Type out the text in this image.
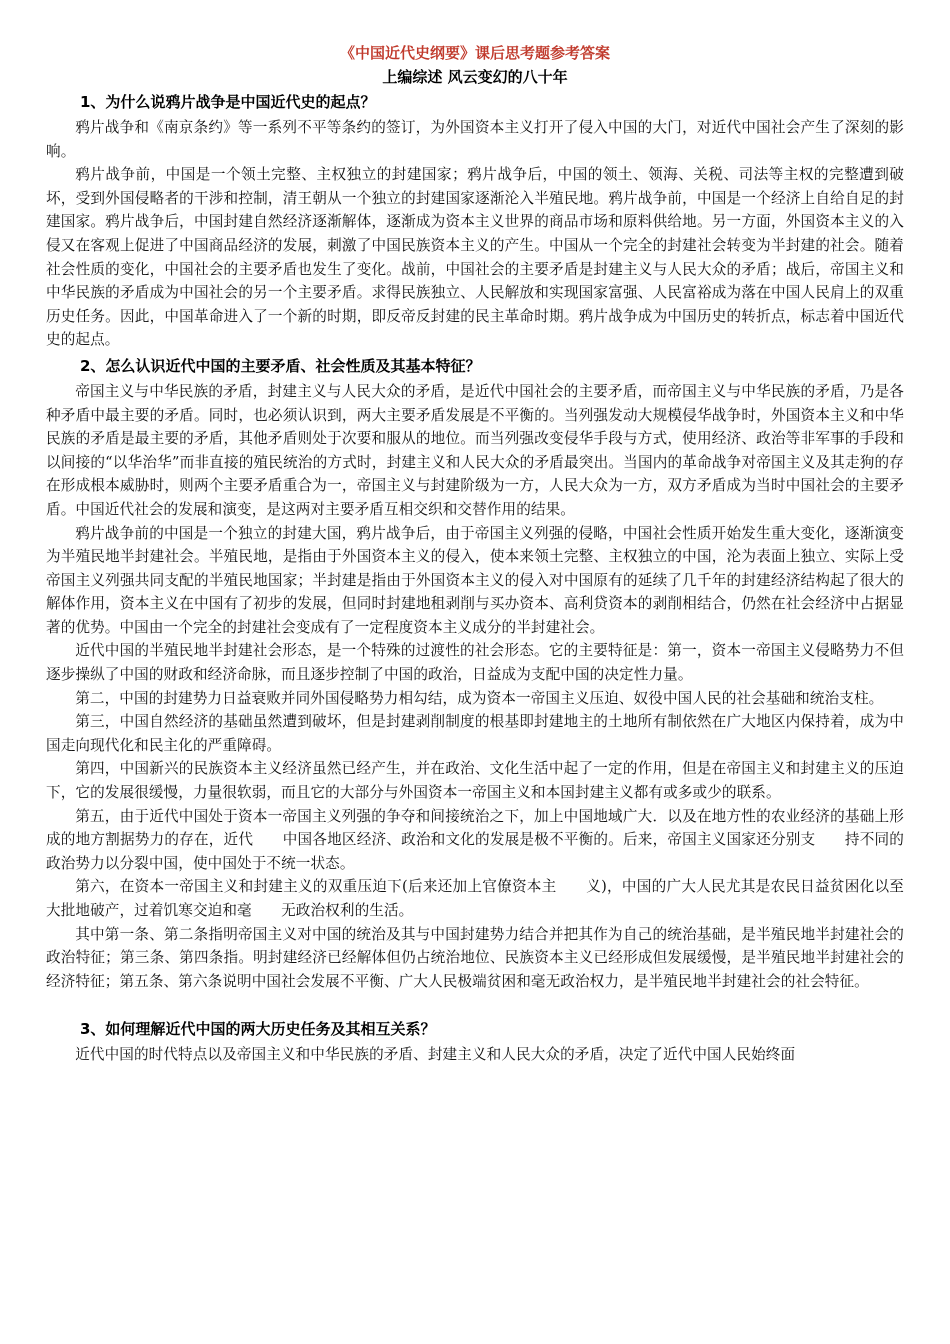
《中国近代史纲要》课后思考题参考答案
上编综述 风云变幻的八十年
1、为什么说鸦片战争是中国近代史的起点？

鸦片战争和《南京条约》等一系列不平等条约的签订，为外国资本主义打开了侵入中国的大门，对近代中国社会产生了深刻的影响。

鸦片战争前，中国是一个领土完整、主权独立的封建国家；鸦片战争后，中国的领土、领海、关税、司法等主权的完整遭到破坏，受到外国侵略者的干涉和控制，清王朝从一个独立的封建国家逐渐沦入半殖民地。鸦片战争前，中国是一个经济上自给自足的封建国家。鸦片战争后，中国封建自然经济逐渐解体，逐渐成为资本主义世界的商品市场和原料供给地。另一方面，外国资本主义的入侵又在客观上促进了中国商品经济的发展，刺激了中国民族资本主义的产生。中国从一个完全的封建社会转变为半封建的社会。随着社会性质的变化，中国社会的主要矛盾也发生了变化。战前，中国社会的主要矛盾是封建主义与人民大众的矛盾；战后，帝国主义和中华民族的矛盾成为中国社会的另一个主要矛盾。求得民族独立、人民解放和实现国家富强、人民富裕成为落在中国人民肩上的双重历史任务。因此，中国革命进入了一个新的时期，即反帝反封建的民主革命时期。鸦片战争成为中国历史的转折点，标志着中国近代史的起点。

2、怎么认识近代中国的主要矛盾、社会性质及其基本特征？

帝国主义与中华民族的矛盾，封建主义与人民大众的矛盾，是近代中国社会的主要矛盾，而帝国主义与中华民族的矛盾，乃是各种矛盾中最主要的矛盾。同时，也必须认识到，两大主要矛盾发展是不平衡的。当列强发动大规模侵华战争时，外国资本主义和中华民族的矛盾是最主要的矛盾，其他矛盾则处于次要和服从的地位。而当列强改变侵华手段与方式，使用经济、政治等非军事的手段和以间接的“以华治华”而非直接的殖民统治的方式时，封建主义和人民大众的矛盾最突出。当国内的革命战争对帝国主义及其走狗的存在形成根本威胁时，则两个主要矛盾重合为一，帝国主义与封建阶级为一方，人民大众为一方，双方矛盾成为当时中国社会的主要矛盾。中国近代社会的发展和演变，是这两对主要矛盾互相交织和交替作用的结果。

鸦片战争前的中国是一个独立的封建大国，鸦片战争后，由于帝国主义列强的侵略，中国社会性质开始发生重大变化，逐渐演变为半殖民地半封建社会。半殖民地，是指由于外国资本主义的侵入，使本来领土完整、主权独立的中国，沦为表面上独立、实际上受帝国主义列强共同支配的半殖民地国家；半封建是指由于外国资本主义的侵入对中国原有的延续了几千年的封建经济结构起了很大的解体作用，资本主义在中国有了初步的发展，但同时封建地租剥削与买办资本、高利贷资本的剥削相结合，仍然在社会经济中占据显著的优势。中国由一个完全的封建社会变成有了一定程度资本主义成分的半封建社会。

近代中国的半殖民地半封建社会形态，是一个特殊的过渡性的社会形态。它的主要特征是：第一，资本一帝国主义侵略势力不但逐步操纵了中国的财政和经济命脉，而且逐步控制了中国的政治，日益成为支配中国的决定性力量。

第二，中国的封建势力日益衰败并同外国侵略势力相勾结，成为资本一帝国主义压迫、奴役中国人民的社会基础和统治支柱。

第三，中国自然经济的基础虽然遭到破坏，但是封建剥削制度的根基即封建地主的土地所有制依然在广大地区内保持着，成为中国走向现代化和民主化的严重障碍。

第四，中国新兴的民族资本主义经济虽然已经产生，并在政治、文化生活中起了一定的作用，但是在帝国主义和封建主义的压迫下，它的发展很缓慢，力量很软弱，而且它的大部分与外国资本一帝国主义和本国封建主义都有或多或少的联系。

第五，由于近代中国处于资本一帝国主义列强的争夺和间接统治之下，加上中国地域广大．以及在地方性的农业经济的基础上形成的地方割据势力的存在，近代　　中国各地区经济、政治和文化的发展是极不平衡的。后来，帝国主义国家还分别支　　持不同的政治势力以分裂中国，使中国处于不统一状态。

第六，在资本一帝国主义和封建主义的双重压迫下(后来还加上官僚资本主　　义)，中国的广大人民尤其是农民日益贫困化以至大批地破产，过着饥寒交迫和毫　　无政治权利的生活。

其中第一条、第二条指明帝国主义对中国的统治及其与中国封建势力结合并把其作为自己的统治基础，是半殖民地半封建社会的政治特征；第三条、第四条指。明封建经济已经解体但仍占统治地位、民族资本主义已经形成但发展缓慢，是半殖民地半封建社会的经济特征；第五条、第六条说明中国社会发展不平衡、广大人民极端贫困和毫无政治权力，是半殖民地半封建社会的社会特征。

3、如何理解近代中国的两大历史任务及其相互关系？

近代中国的时代特点以及帝国主义和中华民族的矛盾、封建主义和人民大众的矛盾，决定了近代中国人民始终面
